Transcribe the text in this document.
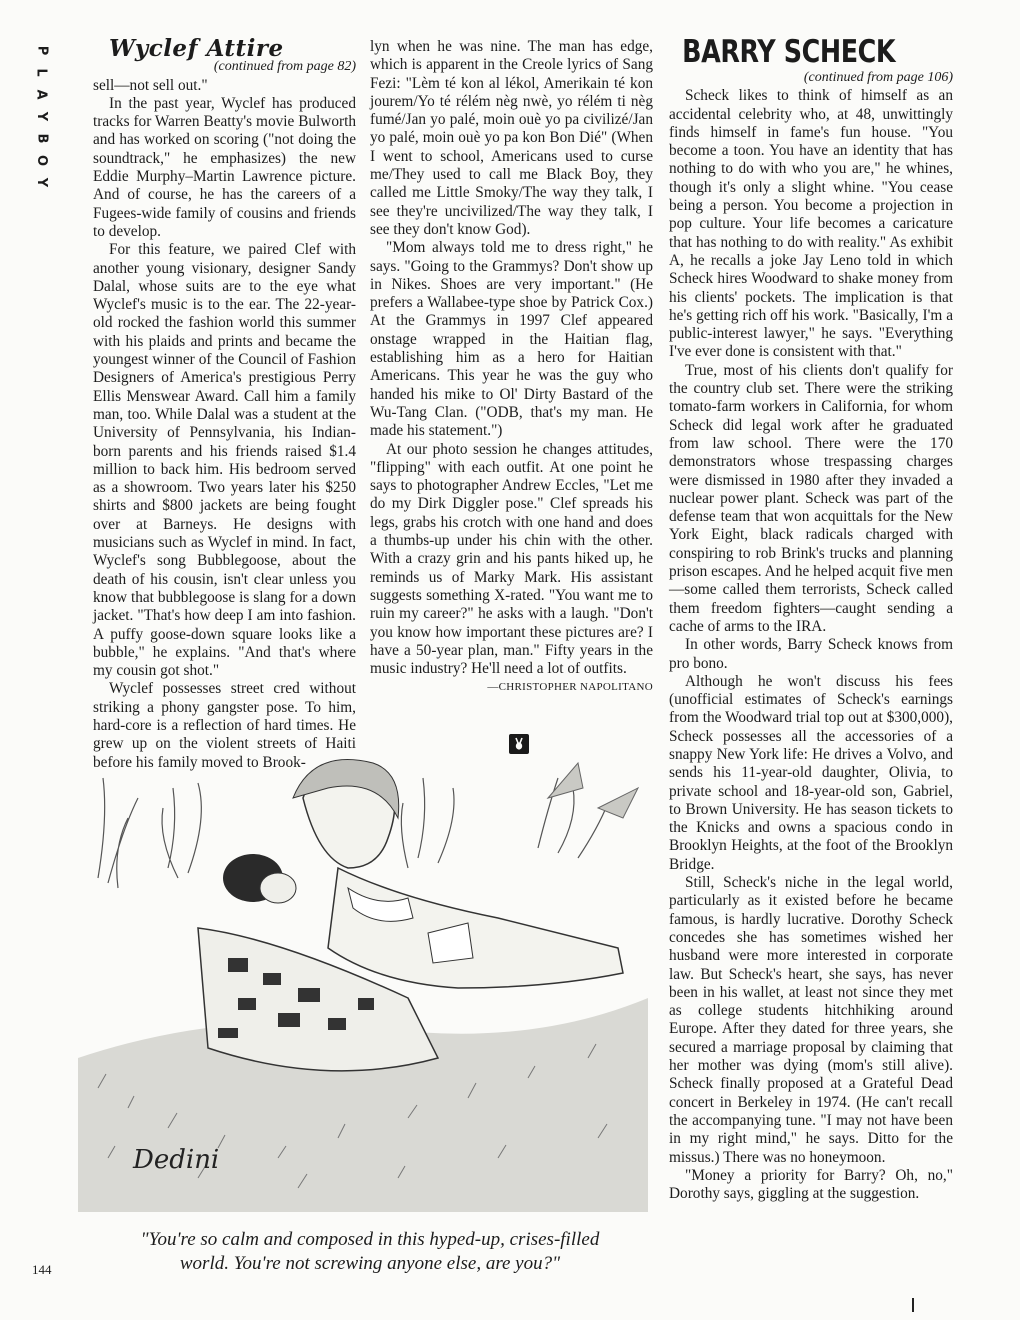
P
L
A
Y
B
O
Y

Wyclef Attire

(continued from page 82)

sell—not sell out."

In the past year, Wyclef has produced tracks for Warren Beatty's movie Bulworth and has worked on scoring ("not doing the soundtrack," he emphasizes) the new Eddie Murphy–Martin Lawrence picture. And of course, he has the careers of a Fugees-wide family of cousins and friends to develop.

For this feature, we paired Clef with another young visionary, designer Sandy Dalal, whose suits are to the eye what Wyclef's music is to the ear. The 22-year-old rocked the fashion world this summer with his plaids and prints and became the youngest winner of the Council of Fashion Designers of America's prestigious Perry Ellis Menswear Award. Call him a family man, too. While Dalal was a student at the University of Pennsylvania, his Indian-born parents and his friends raised $1.4 million to back him. His bedroom served as a showroom. Two years later his $250 shirts and $800 jackets are being fought over at Barneys. He designs with musicians such as Wyclef in mind. In fact, Wyclef's song Bubblegoose, about the death of his cousin, isn't clear unless you know that bubblegoose is slang for a down jacket. "That's how deep I am into fashion. A puffy goose-down square looks like a bubble," he explains. "And that's where my cousin got shot."

Wyclef possesses street cred without striking a phony gangster pose. To him, hard-core is a reflection of hard times. He grew up on the violent streets of Haiti before his family moved to Brook-

lyn when he was nine. The man has edge, which is apparent in the Creole lyrics of Sang Fezi: "Lèm té kon al lékol, Amerikain té kon jourem/Yo té rélém nèg nwè, yo rélém ti nèg fumé/Jan yo palé, moin ouè yo pa civilizé/Jan yo palé, moin ouè yo pa kon Bon Dié" (When I went to school, Americans used to curse me/They used to call me Black Boy, they called me Little Smoky/The way they talk, I see they're uncivilized/The way they talk, I see they don't know God).

"Mom always told me to dress right," he says. "Going to the Grammys? Don't show up in Nikes. Shoes are very important." (He prefers a Wallabee-type shoe by Patrick Cox.) At the Grammys in 1997 Clef appeared onstage wrapped in the Haitian flag, establishing him as a hero for Haitian Americans. This year he was the guy who handed his mike to Ol' Dirty Bastard of the Wu-Tang Clan. ("ODB, that's my man. He made his statement.")

At our photo session he changes attitudes, "flipping" with each outfit. At one point he says to photographer Andrew Eccles, "Let me do my Dirk Diggler pose." Clef spreads his legs, grabs his crotch with one hand and does a thumbs-up under his chin with the other. With a crazy grin and his pants hiked up, he reminds us of Marky Mark. His assistant suggests something X-rated. "You want me to ruin my career?" he asks with a laugh. "Don't you know how important these pictures are? I have a 50-year plan, man." Fifty years in the music industry? He'll need a lot of outfits.

—CHRISTOPHER NAPOLITANO

BARRY SCHECK

(continued from page 106)

Scheck likes to think of himself as an accidental celebrity who, at 48, unwittingly finds himself in fame's fun house. "You become a toon. You have an identity that has nothing to do with who you are," he whines, though it's only a slight whine. "You cease being a person. You become a projection in pop culture. Your life becomes a caricature that has nothing to do with reality." As exhibit A, he recalls a joke Jay Leno told in which Scheck hires Woodward to shake money from his clients' pockets. The implication is that he's getting rich off his work. "Basically, I'm a public-interest lawyer," he says. "Everything I've ever done is consistent with that."

True, most of his clients don't qualify for the country club set. There were the striking tomato-farm workers in California, for whom Scheck did legal work after he graduated from law school. There were the 170 demonstrators whose trespassing charges were dismissed in 1980 after they invaded a nuclear power plant. Scheck was part of the defense team that won acquittals for the New York Eight, black radicals charged with conspiring to rob Brink's trucks and planning prison escapes. And he helped acquit five men—some called them terrorists, Scheck called them freedom fighters—caught sending a cache of arms to the IRA.

In other words, Barry Scheck knows from pro bono.

Although he won't discuss his fees (unofficial estimates of Scheck's earnings from the Woodward trial top out at $300,000), Scheck possesses all the accessories of a snappy New York life: He drives a Volvo, and sends his 11-year-old daughter, Olivia, to private school and 18-year-old son, Gabriel, to Brown University. He has season tickets to the Knicks and owns a spacious condo in Brooklyn Heights, at the foot of the Brooklyn Bridge.

Still, Scheck's niche in the legal world, particularly as it existed before he became famous, is hardly lucrative. Dorothy Scheck concedes she has sometimes wished her husband were more interested in corporate law. But Scheck's heart, she says, has never been in his wallet, at least not since they met as college students hitchhiking around Europe. After they dated for three years, she secured a marriage proposal by claiming that her mother was dying (mom's still alive). Scheck finally proposed at a Grateful Dead concert in Berkeley in 1974. (He can't recall the accompanying tune. "I may not have been in my right mind," he says. Ditto for the missus.) There was no honeymoon.

"Money a priority for Barry? Oh, no," Dorothy says, giggling at the suggestion.

Dedini
"You're so calm and composed in this hyped-up, crises-filled
world. You're not screwing anyone else, are you?"
144
